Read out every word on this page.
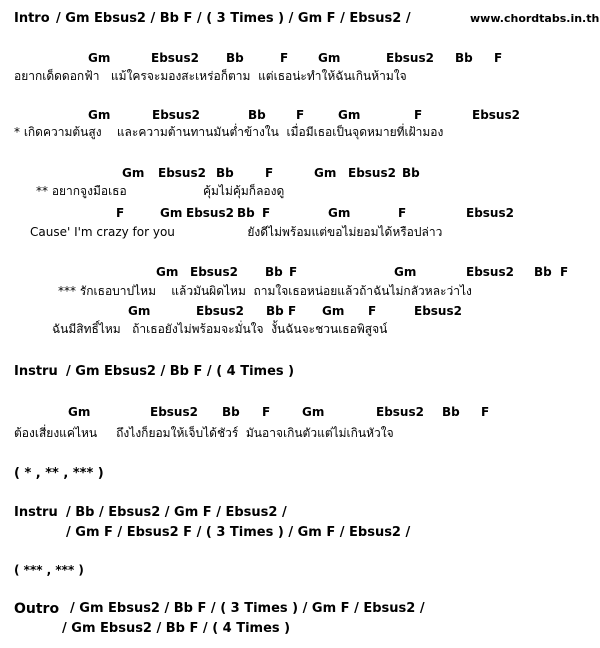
www.chordtabs.in.th
Intro / Gm Ebsus2 / Bb F / ( 3 Times ) / Gm F / Ebsus2 /
Gm	Ebsus2 Bb	F Gm	Ebsus2 Bb F
อยากเด็ดดอกฟ้า   แม้ใครจะมองสะเหร่อก็ตาม  แต่เธอน่ะทำให้ฉันเกินห้ามใจ
Gm	Ebsus2	Bb	F	Gm	F	Ebsus2
* เกิดความต้นสูง    และความต้านทานมันต่ำข้างใน  เมื่อมีเธอเป็นจุดหมายที่เฝ้ามอง
Gm Ebsus2 Bb	F	Gm Ebsus2 Bb
** อยากจูงมือเธอ                    คุ้มไม่คุ้มก็ลองดู
F	Gm Ebsus2 Bb F	Gm	F	Ebsus2
Cause' I'm crazy for you                   ยังดีไม่พร้อมแต่ขอไม่ยอมได้หรือปล่าว
Gm Ebsus2 Bb F	Gm	Ebsus2 Bb F
*** รักเธอบาปไหม    แล้วมันผิดไหม  ถามใจเธอหน่อยแล้วถ้าฉันไม่กลัวหละว่าไง
Gm	Ebsus2 Bb F Gm F	Ebsus2
ฉันมีสิทธิ์ไหม   ถ้าเธอยังไม่พร้อมจะมั่นใจ  งั้นฉันจะชวนเธอพิสูจน์
Instru / Gm Ebsus2 / Bb F / ( 4 Times )
Gm	Ebsus2 Bb F	Gm	Ebsus2 Bb F
ต้องเสี่ยงแค่ไหน     ถึงไงก็ยอมให้เจ็บได้ชัวร์  มันอาจเกินตัวแต่ไม่เกินหัวใจ
( * , ** , *** )
Instru / Bb / Ebsus2 / Gm F / Ebsus2 /
/ Gm F / Ebsus2 F / ( 3 Times ) / Gm F / Ebsus2 /
( *** , *** )
Outro / Gm Ebsus2 / Bb F / ( 3 Times ) / Gm F / Ebsus2 /
/ Gm Ebsus2 / Bb F / ( 4 Times )
